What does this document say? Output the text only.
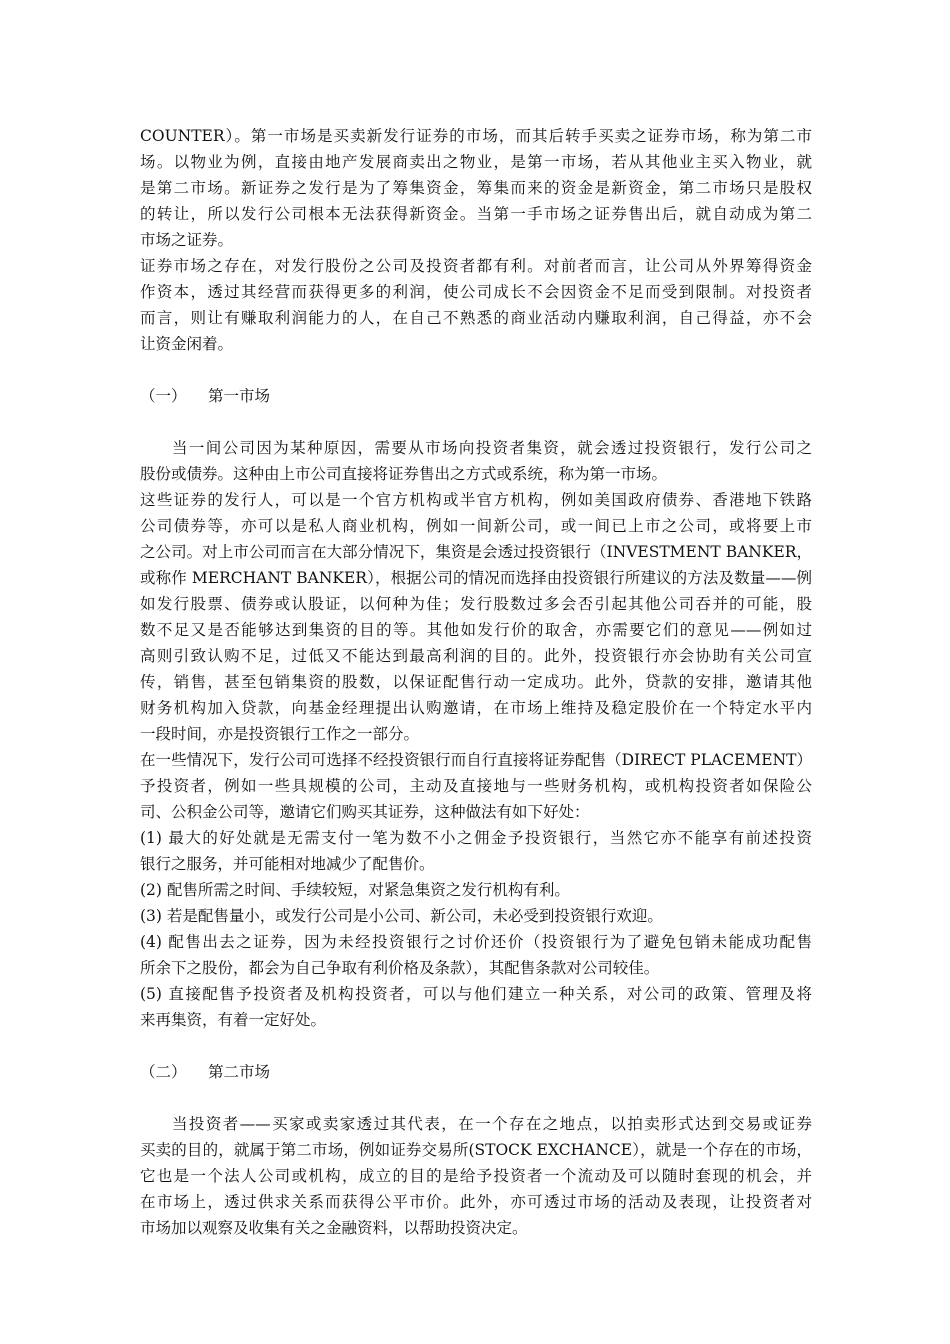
COUNTER）。第一市场是买卖新发行证券的市场，而其后转手买卖之证券市场，称为第二市
场。以物业为例，直接由地产发展商卖出之物业，是第一市场，若从其他业主买入物业，就
是第二市场。新证券之发行是为了筹集资金，筹集而来的资金是新资金，第二市场只是股权
的转让，所以发行公司根本无法获得新资金。当第一手市场之证券售出后，就自动成为第二
市场之证券。
证券市场之存在，对发行股份之公司及投资者都有利。对前者而言，让公司从外界筹得资金
作资本，透过其经营而获得更多的利润，使公司成长不会因资金不足而受到限制。对投资者
而言，则让有赚取利润能力的人，在自己不熟悉的商业活动内赚取利润，自己得益，亦不会
让资金闲着。
（一） 第一市场
当一间公司因为某种原因，需要从市场向投资者集资，就会透过投资银行，发行公司之
股份或债券。这种由上市公司直接将证券售出之方式或系统，称为第一市场。
这些证券的发行人，可以是一个官方机构或半官方机构，例如美国政府债券、香港地下铁路
公司债券等，亦可以是私人商业机构，例如一间新公司，或一间已上市之公司，或将要上市
之公司。对上市公司而言在大部分情况下，集资是会透过投资银行（INVESTMENT BANKER，
或称作 MERCHANT BANKER），根据公司的情况而选择由投资银行所建议的方法及数量——例
如发行股票、债券或认股证，以何种为佳；发行股数过多会否引起其他公司吞并的可能，股
数不足又是否能够达到集资的目的等。其他如发行价的取舍，亦需要它们的意见——例如过
高则引致认购不足，过低又不能达到最高利润的目的。此外，投资银行亦会协助有关公司宣
传，销售，甚至包销集资的股数，以保证配售行动一定成功。此外，贷款的安排，邀请其他
财务机构加入贷款，向基金经理提出认购邀请，在市场上维持及稳定股价在一个特定水平内
一段时间，亦是投资银行工作之一部分。
在一些情况下，发行公司可选择不经投资银行而自行直接将证券配售（DIRECT PLACEMENT）
予投资者，例如一些具规模的公司，主动及直接地与一些财务机构，或机构投资者如保险公
司、公积金公司等，邀请它们购买其证券，这种做法有如下好处：
(1) 最大的好处就是无需支付一笔为数不小之佣金予投资银行，当然它亦不能享有前述投资
银行之服务，并可能相对地减少了配售价。
(2) 配售所需之时间、手续较短，对紧急集资之发行机构有利。
(3) 若是配售量小，或发行公司是小公司、新公司，未必受到投资银行欢迎。
(4) 配售出去之证券，因为未经投资银行之讨价还价（投资银行为了避免包销未能成功配售
所余下之股份，都会为自己争取有利价格及条款），其配售条款对公司较佳。
(5) 直接配售予投资者及机构投资者，可以与他们建立一种关系，对公司的政策、管理及将
来再集资，有着一定好处。
（二） 第二市场
当投资者——买家或卖家透过其代表，在一个存在之地点，以拍卖形式达到交易或证券
买卖的目的，就属于第二市场，例如证券交易所(STOCK EXCHANCE），就是一个存在的市场，
它也是一个法人公司或机构，成立的目的是给予投资者一个流动及可以随时套现的机会，并
在市场上，透过供求关系而获得公平市价。此外，亦可透过市场的活动及表现，让投资者对
市场加以观察及收集有关之金融资料，以帮助投资决定。
